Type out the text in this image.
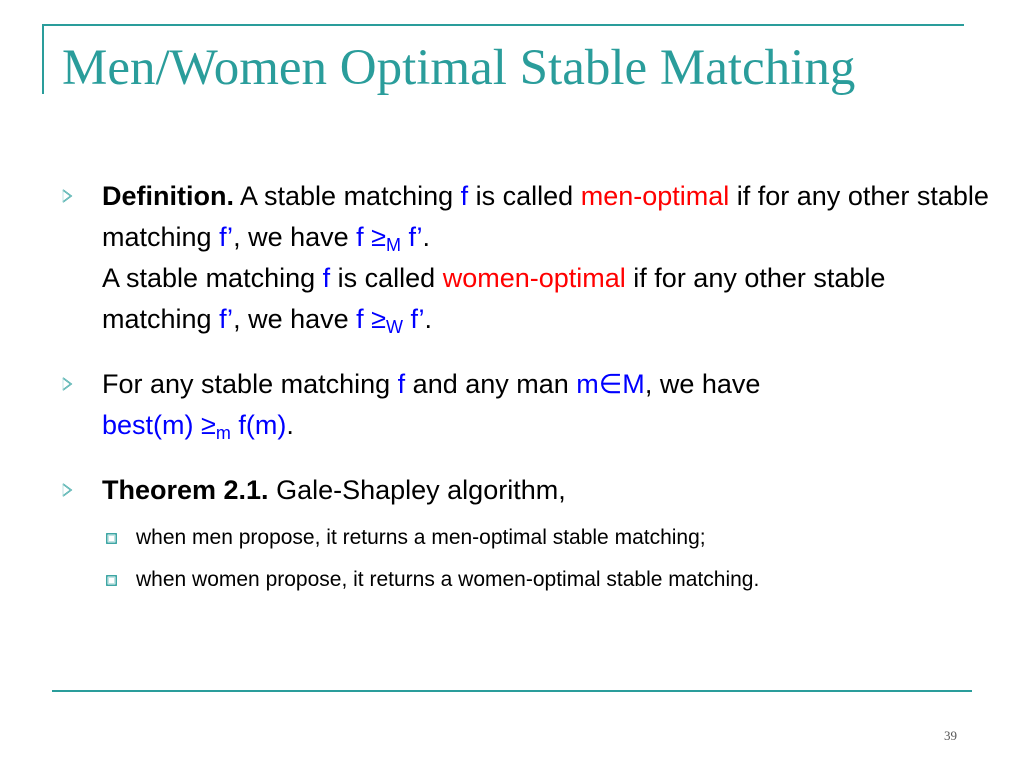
Men/Women Optimal Stable Matching
Definition. A stable matching f is called men-optimal if for any other stable matching f’, we have $f \ge_M$ f’.
A stable matching f is called women-optimal if for any other stable matching f’, we have $f \ge_W$ f’.
For any stable matching f and any man m∈M, we have
best(m) $\ge_m$ f(m).
Theorem 2.1. Gale-Shapley algorithm,
when men propose, it returns a men-optimal stable matching;
when women propose, it returns a women-optimal stable matching.
39
